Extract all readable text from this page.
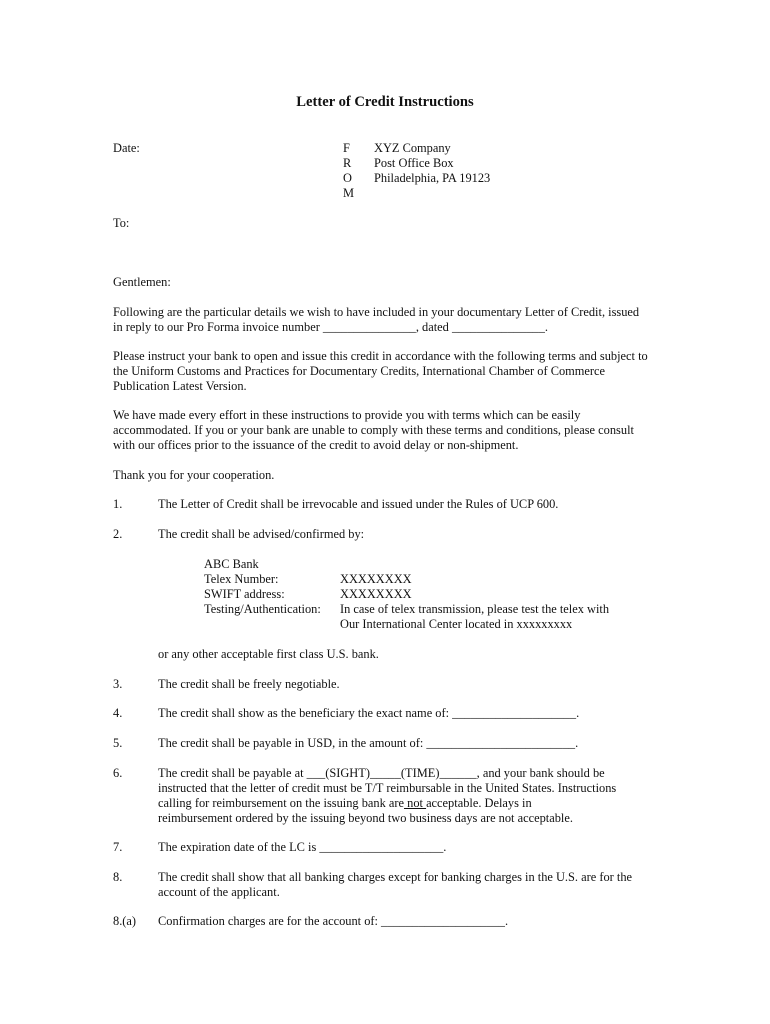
Letter of Credit Instructions
Date:	F
R
O
M
XYZ Company
Post Office Box
Philadelphia, PA 19123
To:
Gentlemen:
Following are the particular details we wish to have included in your documentary Letter of Credit, issued
in reply to our Pro Forma invoice number _______________, dated _______________.
Please instruct your bank to open and issue this credit in accordance with the following terms and subject to
the Uniform Customs and Practices for Documentary Credits, International Chamber of Commerce
Publication Latest Version.
We have made every effort in these instructions to provide you with terms which can be easily
accommodated. If you or your bank are unable to comply with these terms and conditions, please consult
with our offices prior to the issuance of the credit to avoid delay or non-shipment.
Thank you for your cooperation.
1.	The Letter of Credit shall be irrevocable and issued under the Rules of UCP 600.
2.	The credit shall be advised/confirmed by:
ABC Bank
Telex Number:	XXXXXXXX
SWIFT address:	XXXXXXXX
Testing/Authentication: In case of telex transmission, please test the telex with
Our International Center located in xxxxxxxxx
or any other acceptable first class U.S. bank.
3.	The credit shall be freely negotiable.
4.	The credit shall show as the beneficiary the exact name of: ____________________.
5.	The credit shall be payable in USD, in the amount of: ________________________.
6.	The credit shall be payable at ___(SIGHT)_____(TIME)______, and your bank should be
instructed that the letter of credit must be T/T reimbursable in the United States. Instructions
calling for reimbursement on the issuing bank are not acceptable. Delays in
reimbursement ordered by the issuing beyond two business days are not acceptable.
7.	The expiration date of the LC is ____________________.
8.	The credit shall show that all banking charges except for banking charges in the U.S. are for the
account of the applicant.
8.(a) Confirmation charges are for the account of: ____________________.
